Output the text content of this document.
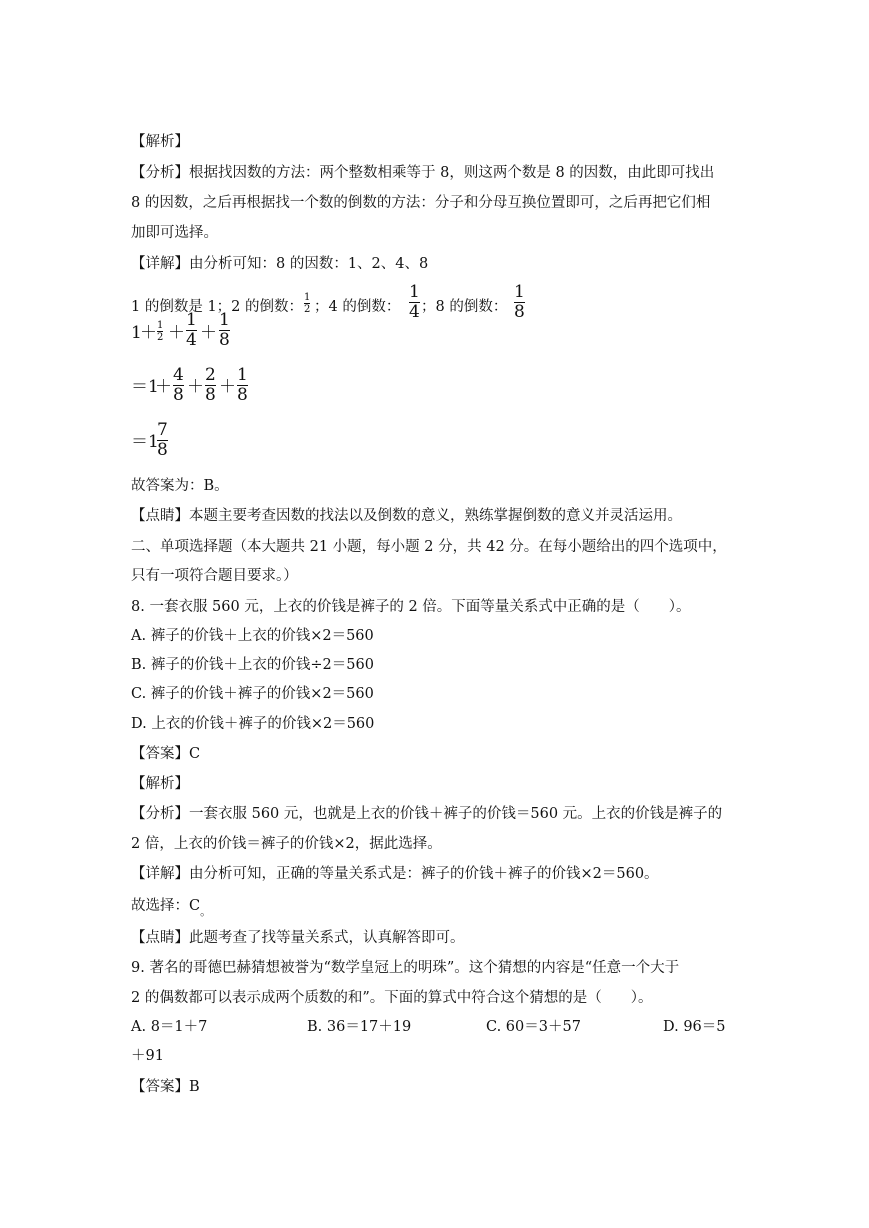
【解析】
【分析】根据找因数的方法：两个整数相乘等于 8，则这两个数是 8 的因数，由此即可找出
8 的因数，之后再根据找一个数的倒数的方法：分子和分母互换位置即可，之后再把它们相
加即可选择。
【详解】由分析可知：8 的因数：1、2、4、8
1 的倒数是 1；2 的倒数：
1
2 ；4 的倒数：
1
4 ；8 的倒数：
1
8
1
＋ 1
2 ＋
1
4 ＋
1
8
＝1
＋
4
8 ＋
2
8 ＋
1
8
＝1
7
8
故答案为：B。
【点睛】本题主要考查因数的找法以及倒数的意义，熟练掌握倒数的意义并灵活运用。
二、单项选择题（本大题共 21 小题，每小题 2 分，共 42 分。在每小题给出的四个选项中，
只有一项符合题目要求。）
8. 一套衣服 560 元，上衣的价钱是裤子的 2 倍。下面等量关系式中正确的是（　　）。
A. 裤子的价钱＋上衣的价钱×2＝560
B. 裤子的价钱＋上衣的价钱÷2＝560
C. 裤子的价钱＋裤子的价钱×2＝560
D. 上衣的价钱＋裤子的价钱×2＝560
【答案】C
【解析】
【分析】一套衣服 560 元，也就是上衣的价钱＋裤子的价钱＝560 元。上衣的价钱是裤子的
2 倍，上衣的价钱＝裤子的价钱×2，据此选择。
【详解】由分析可知，正确的等量关系式是：裤子的价钱＋裤子的价钱×2＝560。
故选择：$C_。$
【点睛】此题考查了找等量关系式，认真解答即可。
9. 著名的哥德巴赫猜想被誉为“数学皇冠上的明珠”。这个猜想的内容是“任意一个大于
2 的偶数都可以表示成两个质数的和”。下面的算式中符合这个猜想的是（　　）。
A. 8＝1＋7	B. 36＝17＋19	C. 60＝3＋57	D. 96＝5
＋91
【答案】B
